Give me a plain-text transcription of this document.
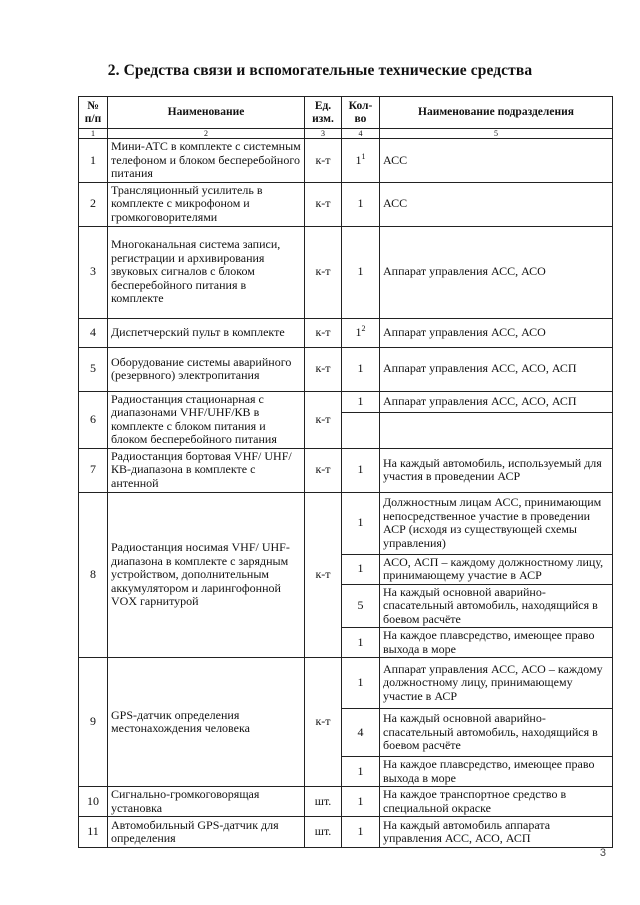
2. Средства связи и вспомогательные технические средства
№ п/п	Наименование	Ед. изм.	Кол-во	Наименование подразделения
1	2	3	4	5
1	Мини-АТС в комплекте с системным телефоном и блоком бесперебойного питания	к-т	$1^1$	АСС
2	Трансляционный усилитель в комплекте с микрофоном и громкоговорителями	к-т	1	АСС
3	Многоканальная система записи, регистрации и архивирования звуковых сигналов с блоком бесперебойного питания в комплекте	к-т	1	Аппарат управления АСС, АСО
4	Диспетчерский пульт в комплекте	к-т	$1^2$	Аппарат управления АСС, АСО
5	Оборудование системы аварийного (резервного) электропитания	к-т	1	Аппарат управления АСС, АСО, АСП
6	Радиостанция стационарная с диапазонами VHF/UHF/КВ в комплекте с блоком питания и блоком бесперебойного питания	к-т	1	Аппарат управления АСС, АСО, АСП

7	Радиостанция бортовая VHF/ UHF/КВ-диапазона в комплекте с антенной	к-т	1	На каждый автомобиль, используемый для участия в проведении АСР
8	Радиостанция носимая VHF/ UHF-диапазона в комплекте с зарядным устройством, дополнительным аккумулятором и ларингофонной VOX гарнитурой	к-т	1	Должностным лицам АСС, принимающим непосредственное участие в проведении АСР (исходя из существующей схемы управления)
			1	АСО, АСП – каждому должностному лицу, принимающему участие в АСР
			5	На каждый основной аварийно-спасательный автомобиль, находящийся в боевом расчёте
			1	На каждое плавсредство, имеющее право выхода в море
9	GPS-датчик определения местонахождения человека	к-т	1	Аппарат управления АСС, АСО – каждому должностному лицу, принимающему участие в АСР
			4	На каждый основной аварийно-спасательный автомобиль, находящийся в боевом расчёте
			1	На каждое плавсредство, имеющее право выхода в море
10	Сигнально-громкоговорящая установка	шт.	1	На каждое транспортное средство в специальной окраске
11	Автомобильный GPS-датчик для определения	шт.	1	На каждый автомобиль аппарата управления АСС, АСО, АСП
3
